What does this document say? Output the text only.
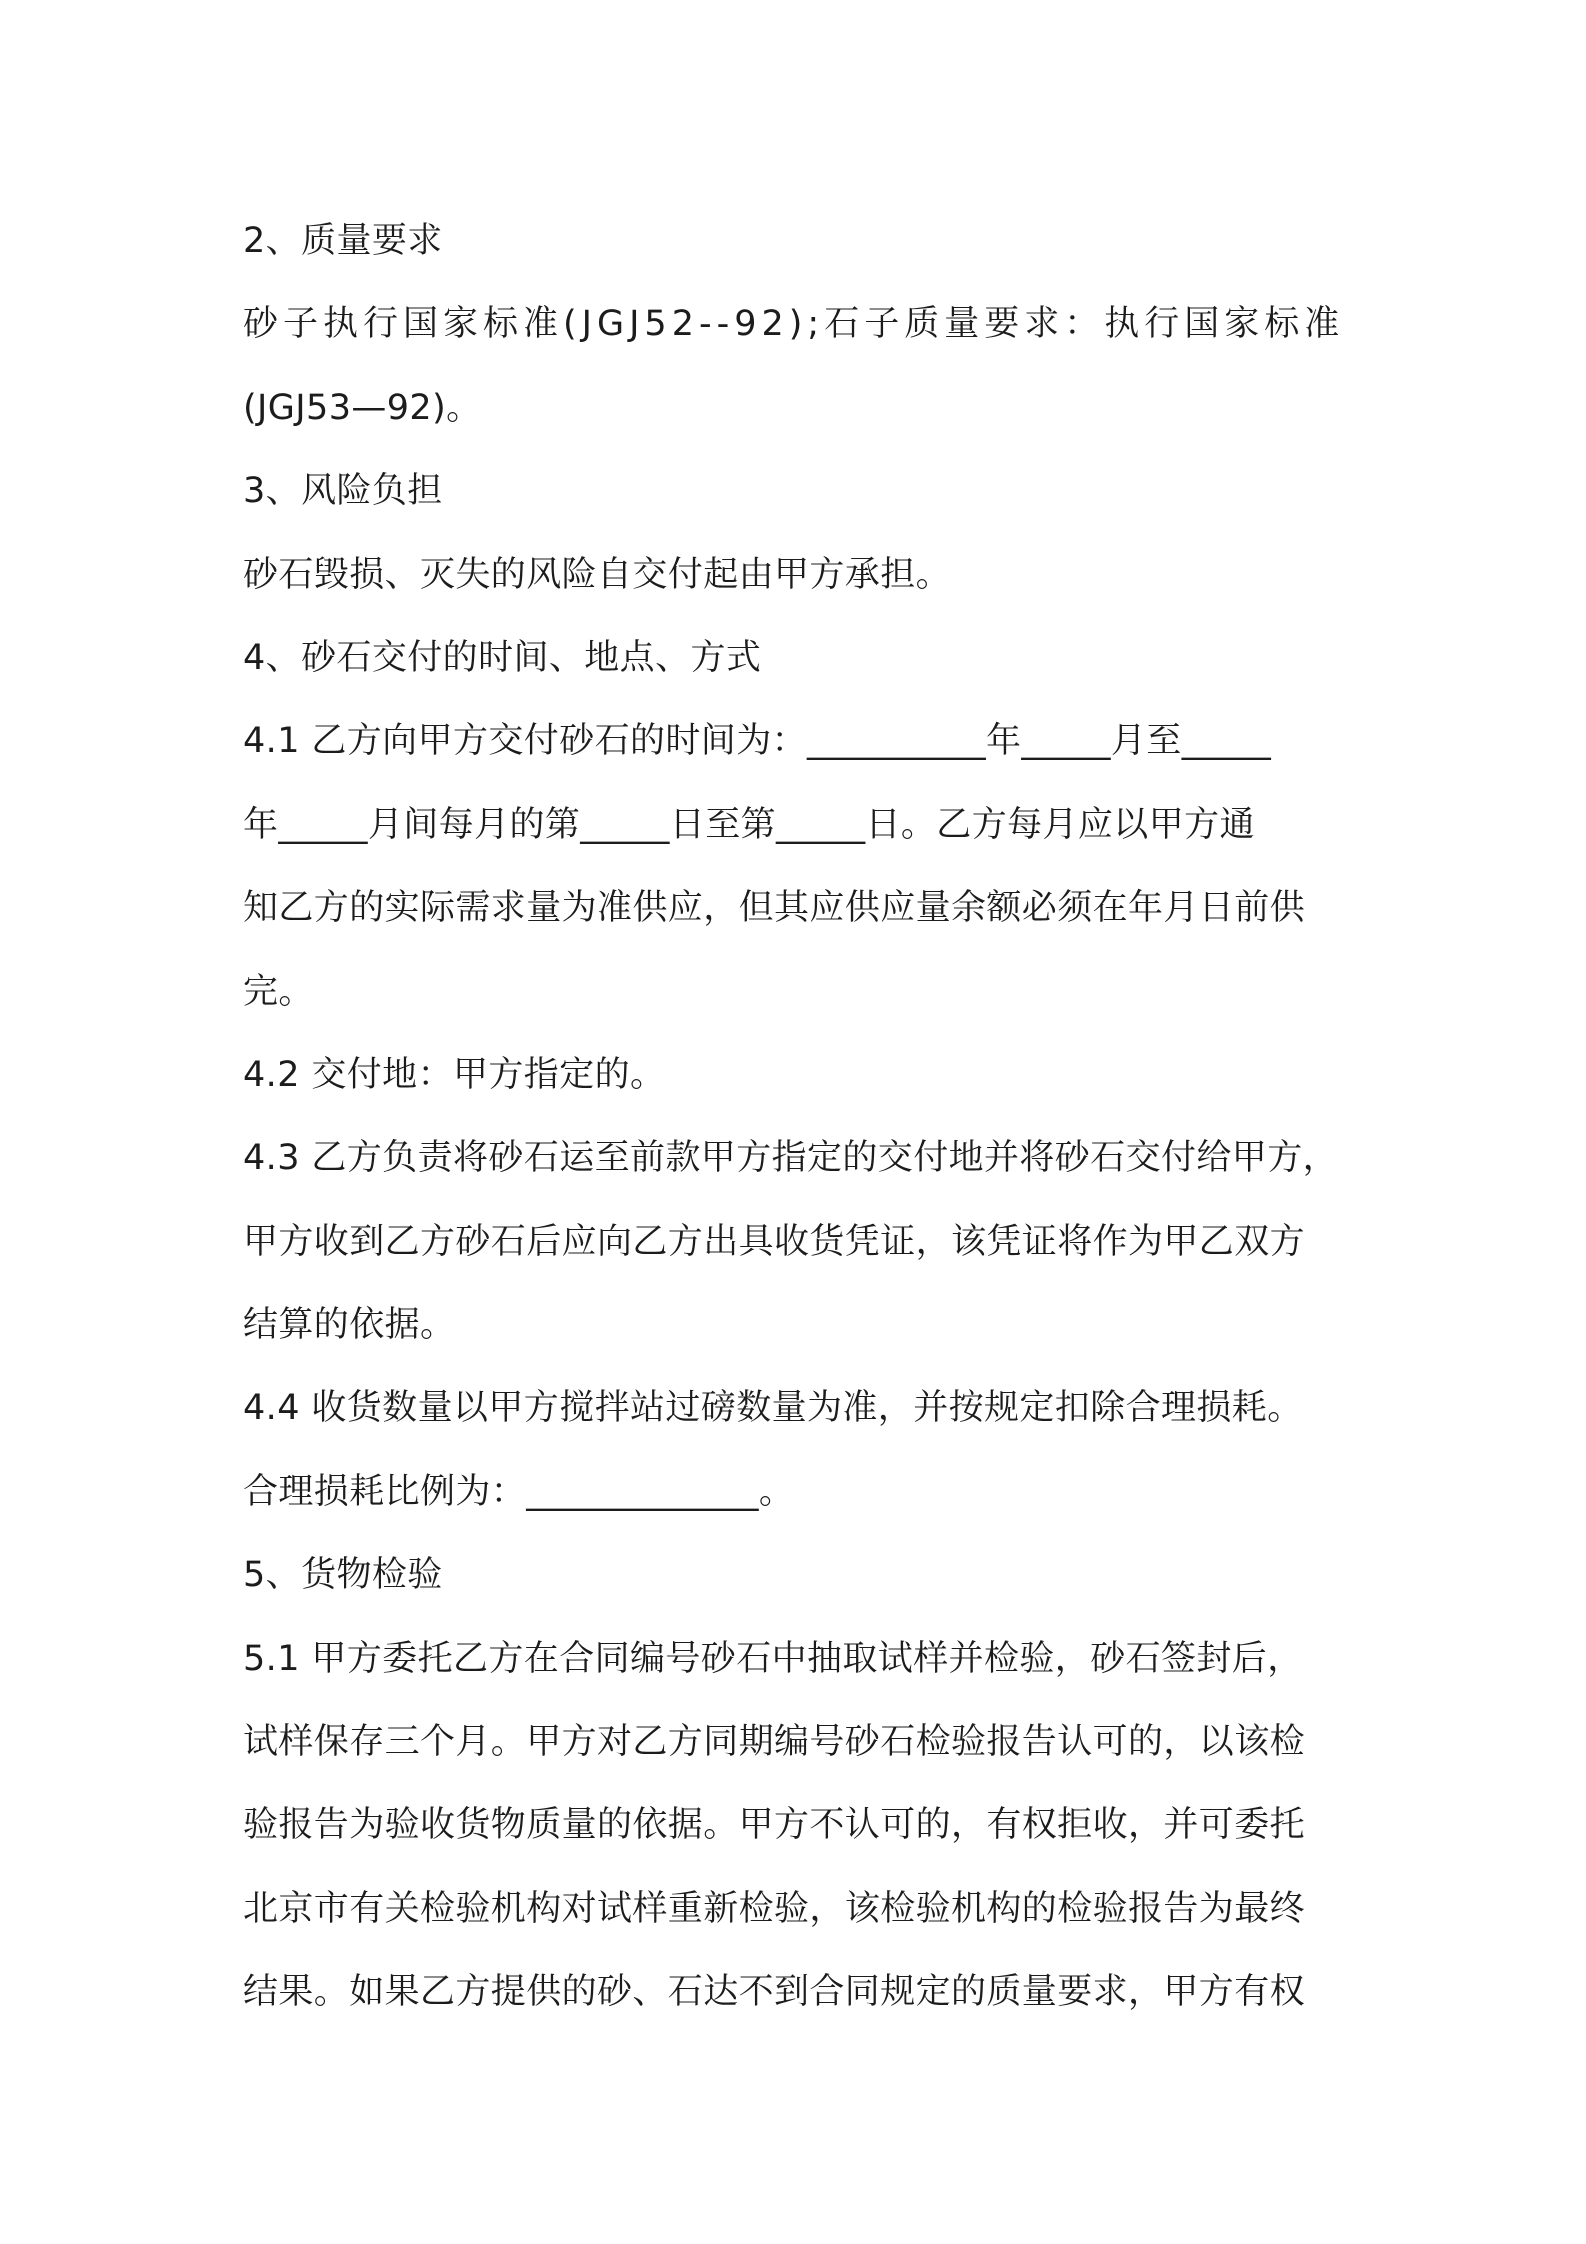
2、质量要求
砂子执行国家标准(JGJ52--92);石子质量要求：执行国家标准
(JGJ53—92)。
3、风险负担
砂石毁损、灭失的风险自交付起由甲方承担。
4、砂石交付的时间、地点、方式
4.1 乙方向甲方交付砂石的时间为：__________年_____月至_____
年_____月间每月的第_____日至第_____日。乙方每月应以甲方通
知乙方的实际需求量为准供应，但其应供应量余额必须在年月日前供
完。
4.2 交付地：甲方指定的。
4.3 乙方负责将砂石运至前款甲方指定的交付地并将砂石交付给甲方，
甲方收到乙方砂石后应向乙方出具收货凭证，该凭证将作为甲乙双方
结算的依据。
4.4 收货数量以甲方搅拌站过磅数量为准，并按规定扣除合理损耗。
合理损耗比例为：_____________。
5、货物检验
5.1 甲方委托乙方在合同编号砂石中抽取试样并检验，砂石签封后，
试样保存三个月。甲方对乙方同期编号砂石检验报告认可的，以该检
验报告为验收货物质量的依据。甲方不认可的，有权拒收，并可委托
北京市有关检验机构对试样重新检验，该检验机构的检验报告为最终
结果。如果乙方提供的砂、石达不到合同规定的质量要求，甲方有权
